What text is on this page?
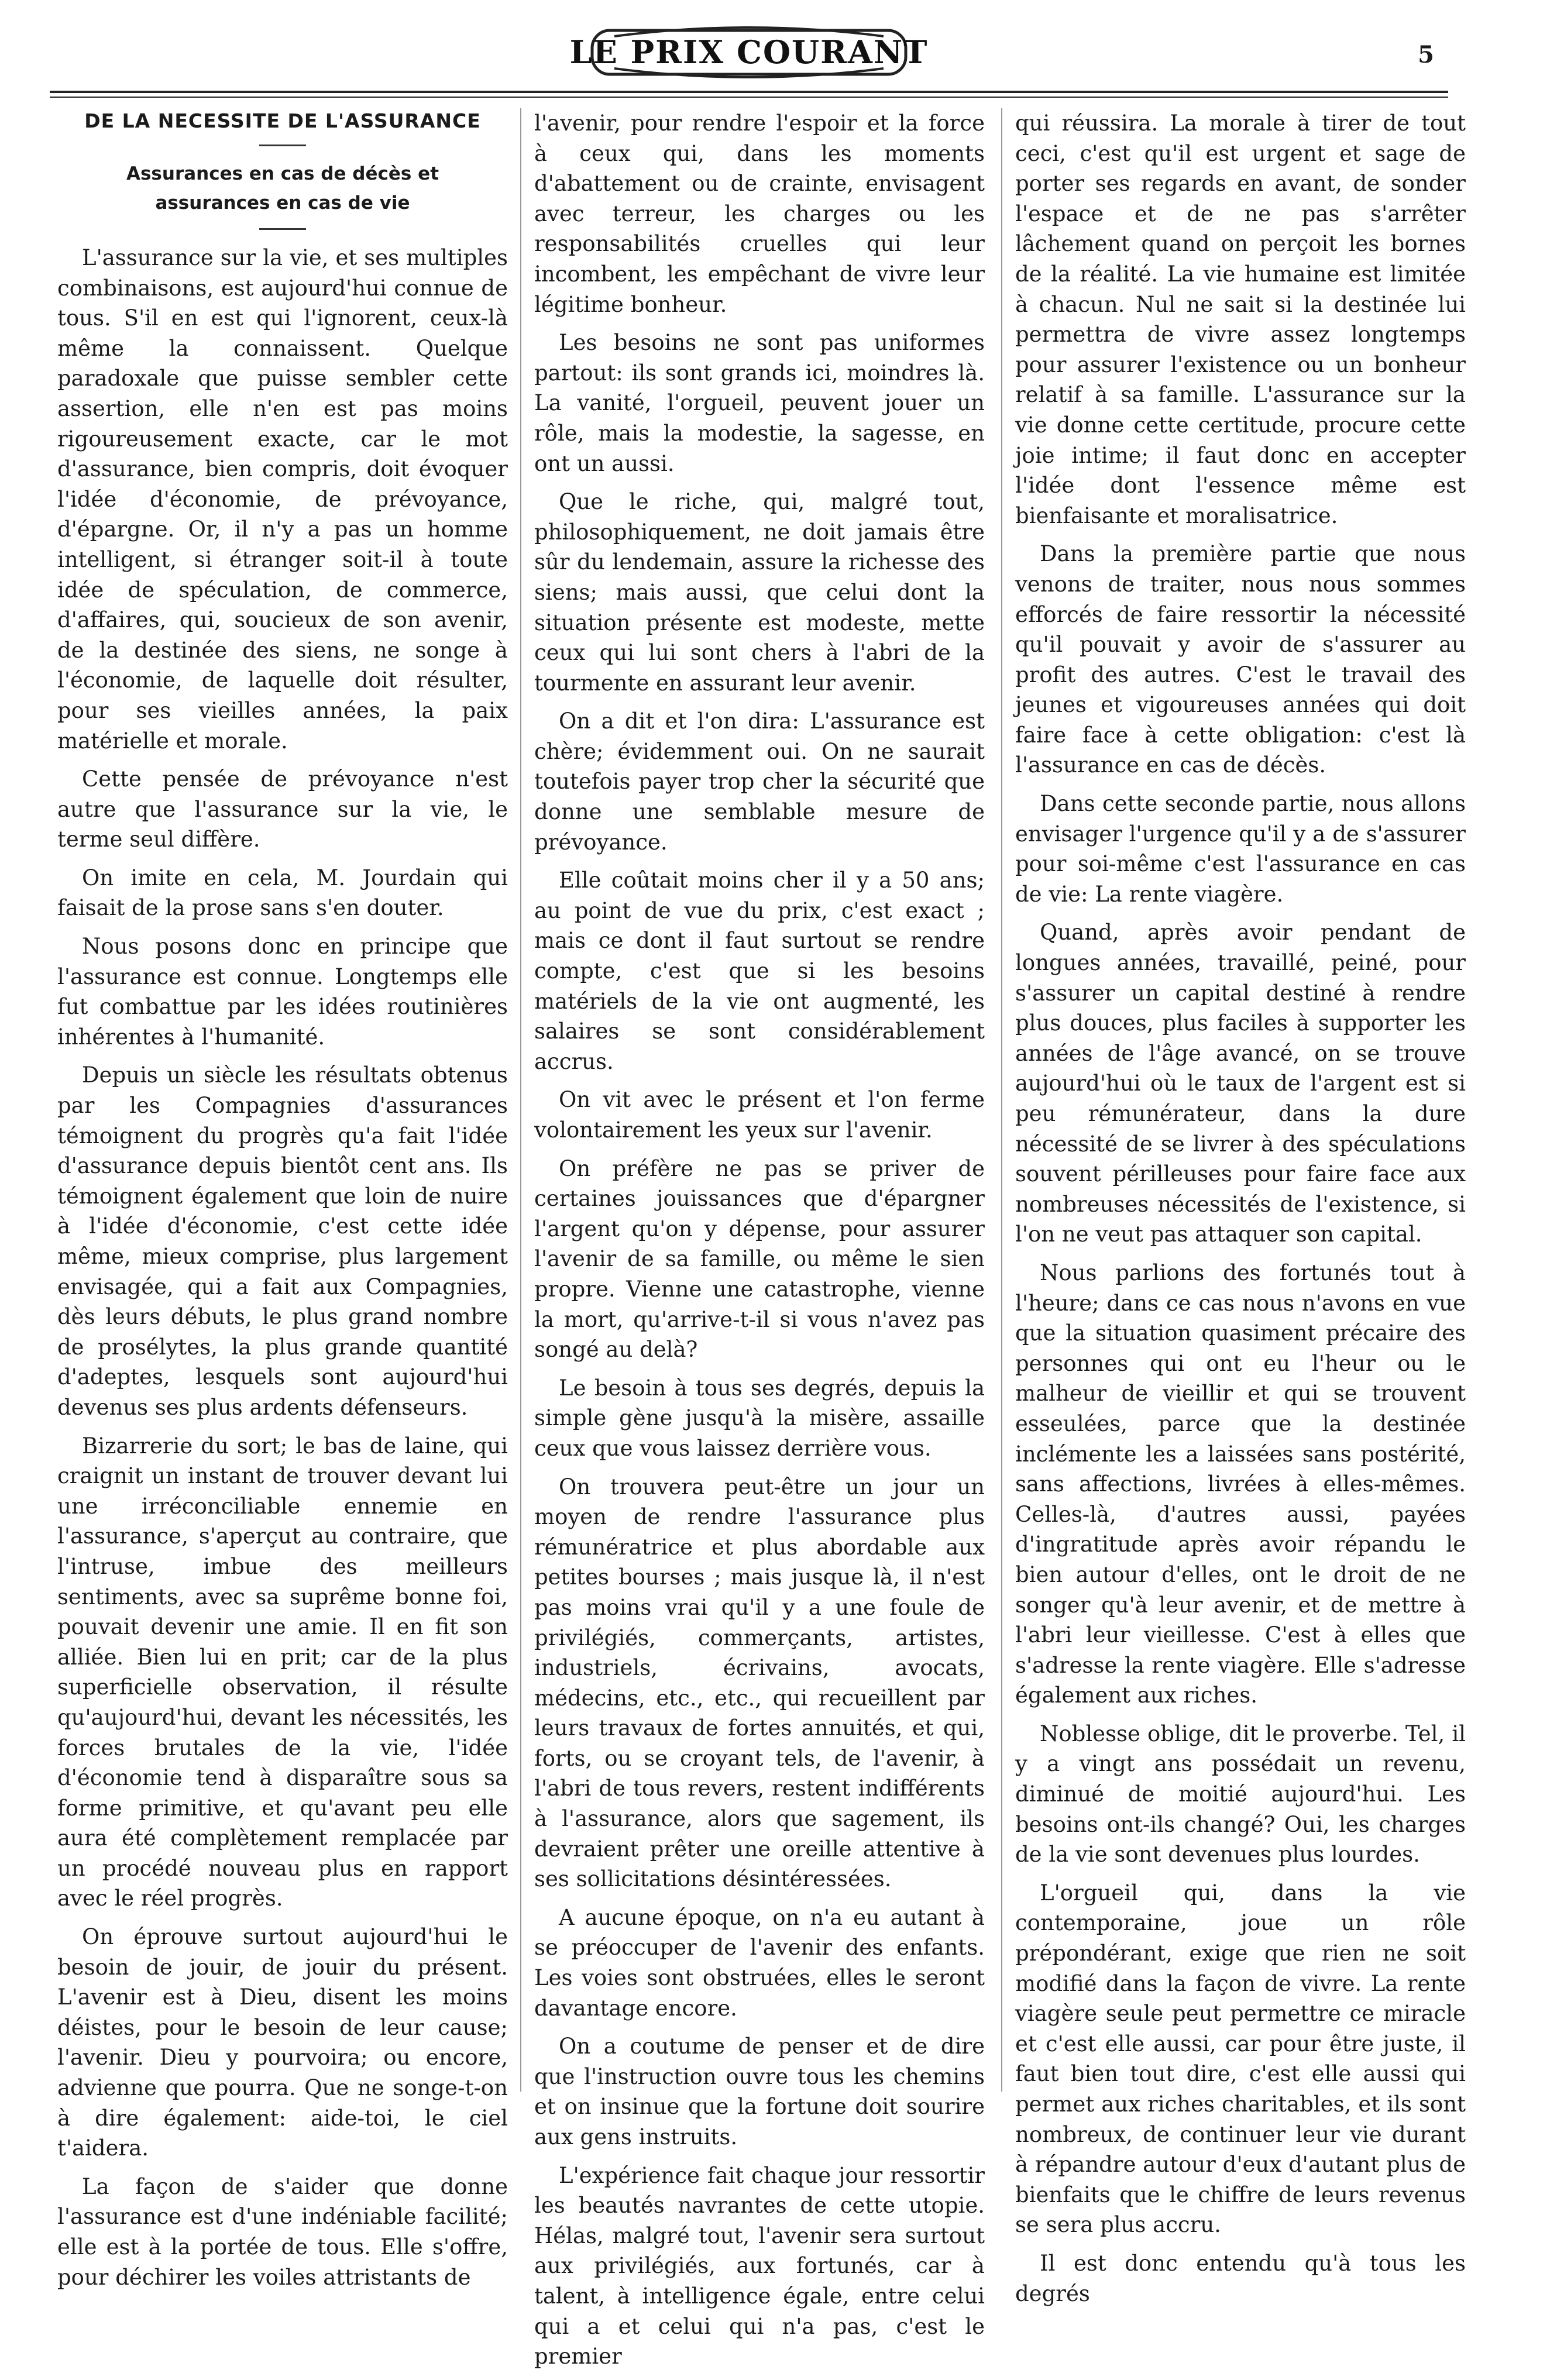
LE PRIX COURANT	5
DE LA NECESSITE DE L'ASSURANCE
Assurances en cas de décès et assurances en cas de vie

L'assurance sur la vie, et ses multiples combinaisons, est aujourd'hui connue de tous. S'il en est qui l'ignorent, ceux-là même la connaissent. Quelque paradoxale que puisse sembler cette assertion, elle n'en est pas moins rigoureusement exacte, car le mot d'assurance, bien compris, doit évoquer l'idée d'économie, de prévoyance, d'épargne. Or, il n'y a pas un homme intelligent, si étranger soit-il à toute idée de spéculation, de commerce, d'affaires, qui, soucieux de son avenir, de la destinée des siens, ne songe à l'économie, de laquelle doit résulter, pour ses vieilles années, la paix matérielle et morale.

Cette pensée de prévoyance n'est autre que l'assurance sur la vie, le terme seul diffère.

On imite en cela, M. Jourdain qui faisait de la prose sans s'en douter.

Nous posons donc en principe que l'assurance est connue. Longtemps elle fut combattue par les idées routinières inhérentes à l'humanité.

Depuis un siècle les résultats obtenus par les Compagnies d'assurances témoignent du progrès qu'a fait l'idée d'assurance depuis bientôt cent ans. Ils témoignent également que loin de nuire à l'idée d'économie, c'est cette idée même, mieux comprise, plus largement envisagée, qui a fait aux Compagnies, dès leurs débuts, le plus grand nombre de prosélytes, la plus grande quantité d'adeptes, lesquels sont aujourd'hui devenus ses plus ardents défenseurs.

Bizarrerie du sort; le bas de laine, qui craignit un instant de trouver devant lui une irréconciliable ennemie en l'assurance, s'aperçut au contraire, que l'intruse, imbue des meilleurs sentiments, avec sa suprême bonne foi, pouvait devenir une amie. Il en fit son alliée. Bien lui en prit; car de la plus superficielle observation, il résulte qu'aujourd'hui, devant les nécessités, les forces brutales de la vie, l'idée d'économie tend à disparaître sous sa forme primitive, et qu'avant peu elle aura été complètement remplacée par un procédé nouveau plus en rapport avec le réel progrès.

On éprouve surtout aujourd'hui le besoin de jouir, de jouir du présent. L'avenir est à Dieu, disent les moins déistes, pour le besoin de leur cause; l'avenir. Dieu y pourvoira; ou encore, advienne que pourra. Que ne songe-t-on à dire également: aide-toi, le ciel t'aidera.

La façon de s'aider que donne l'assurance est d'une indéniable facilité; elle est à la portée de tous. Elle s'offre, pour déchirer les voiles attristants de

l'avenir, pour rendre l'espoir et la force à ceux qui, dans les moments d'abattement ou de crainte, envisagent avec terreur, les charges ou les responsabilités cruelles qui leur incombent, les empêchant de vivre leur légitime bonheur.

Les besoins ne sont pas uniformes partout: ils sont grands ici, moindres là. La vanité, l'orgueil, peuvent jouer un rôle, mais la modestie, la sagesse, en ont un aussi.

Que le riche, qui, malgré tout, philosophiquement, ne doit jamais être sûr du lendemain, assure la richesse des siens; mais aussi, que celui dont la situation présente est modeste, mette ceux qui lui sont chers à l'abri de la tourmente en assurant leur avenir.

On a dit et l'on dira: L'assurance est chère; évidemment oui. On ne saurait toutefois payer trop cher la sécurité que donne une semblable mesure de prévoyance.

Elle coûtait moins cher il y a 50 ans; au point de vue du prix, c'est exact ; mais ce dont il faut surtout se rendre compte, c'est que si les besoins matériels de la vie ont augmenté, les salaires se sont considérablement accrus.

On vit avec le présent et l'on ferme volontairement les yeux sur l'avenir.

On préfère ne pas se priver de certaines jouissances que d'épargner l'argent qu'on y dépense, pour assurer l'avenir de sa famille, ou même le sien propre. Vienne une catastrophe, vienne la mort, qu'arrive-t-il si vous n'avez pas songé au delà?

Le besoin à tous ses degrés, depuis la simple gène jusqu'à la misère, assaille ceux que vous laissez derrière vous.

On trouvera peut-être un jour un moyen de rendre l'assurance plus rémunératrice et plus abordable aux petites bourses ; mais jusque là, il n'est pas moins vrai qu'il y a une foule de privilégiés, commerçants, artistes, industriels, écrivains, avocats, médecins, etc., etc., qui recueillent par leurs travaux de fortes annuités, et qui, forts, ou se croyant tels, de l'avenir, à l'abri de tous revers, restent indifférents à l'assurance, alors que sagement, ils devraient prêter une oreille attentive à ses sollicitations désintéressées.

A aucune époque, on n'a eu autant à se préoccuper de l'avenir des enfants. Les voies sont obstruées, elles le seront davantage encore.

On a coutume de penser et de dire que l'instruction ouvre tous les chemins et on insinue que la fortune doit sourire aux gens instruits.

L'expérience fait chaque jour ressortir les beautés navrantes de cette utopie. Hélas, malgré tout, l'avenir sera surtout aux privilégiés, aux fortunés, car à talent, à intelligence égale, entre celui qui a et celui qui n'a pas, c'est le premier

qui réussira. La morale à tirer de tout ceci, c'est qu'il est urgent et sage de porter ses regards en avant, de sonder l'espace et de ne pas s'arrêter lâchement quand on perçoit les bornes de la réalité. La vie humaine est limitée à chacun. Nul ne sait si la destinée lui permettra de vivre assez longtemps pour assurer l'existence ou un bonheur relatif à sa famille. L'assurance sur la vie donne cette certitude, procure cette joie intime; il faut donc en accepter l'idée dont l'essence même est bienfaisante et moralisatrice.

Dans la première partie que nous venons de traiter, nous nous sommes efforcés de faire ressortir la nécessité qu'il pouvait y avoir de s'assurer au profit des autres. C'est le travail des jeunes et vigoureuses années qui doit faire face à cette obligation: c'est là l'assurance en cas de décès.

Dans cette seconde partie, nous allons envisager l'urgence qu'il y a de s'assurer pour soi-même c'est l'assurance en cas de vie: La rente viagère.

Quand, après avoir pendant de longues années, travaillé, peiné, pour s'assurer un capital destiné à rendre plus douces, plus faciles à supporter les années de l'âge avancé, on se trouve aujourd'hui où le taux de l'argent est si peu rémunérateur, dans la dure nécessité de se livrer à des spéculations souvent périlleuses pour faire face aux nombreuses nécessités de l'existence, si l'on ne veut pas attaquer son capital.

Nous parlions des fortunés tout à l'heure; dans ce cas nous n'avons en vue que la situation quasiment précaire des personnes qui ont eu l'heur ou le malheur de vieillir et qui se trouvent esseulées, parce que la destinée inclémente les a laissées sans postérité, sans affections, livrées à elles-mêmes. Celles-là, d'autres aussi, payées d'ingratitude après avoir répandu le bien autour d'elles, ont le droit de ne songer qu'à leur avenir, et de mettre à l'abri leur vieillesse. C'est à elles que s'adresse la rente viagère. Elle s'adresse également aux riches.

Noblesse oblige, dit le proverbe. Tel, il y a vingt ans possédait un revenu, diminué de moitié aujourd'hui. Les besoins ont-ils changé? Oui, les charges de la vie sont devenues plus lourdes.

L'orgueil qui, dans la vie contemporaine, joue un rôle prépondérant, exige que rien ne soit modifié dans la façon de vivre. La rente viagère seule peut permettre ce miracle et c'est elle aussi, car pour être juste, il faut bien tout dire, c'est elle aussi qui permet aux riches charitables, et ils sont nombreux, de continuer leur vie durant à répandre autour d'eux d'autant plus de bienfaits que le chiffre de leurs revenus se sera plus accru.

Il est donc entendu qu'à tous les degrés
